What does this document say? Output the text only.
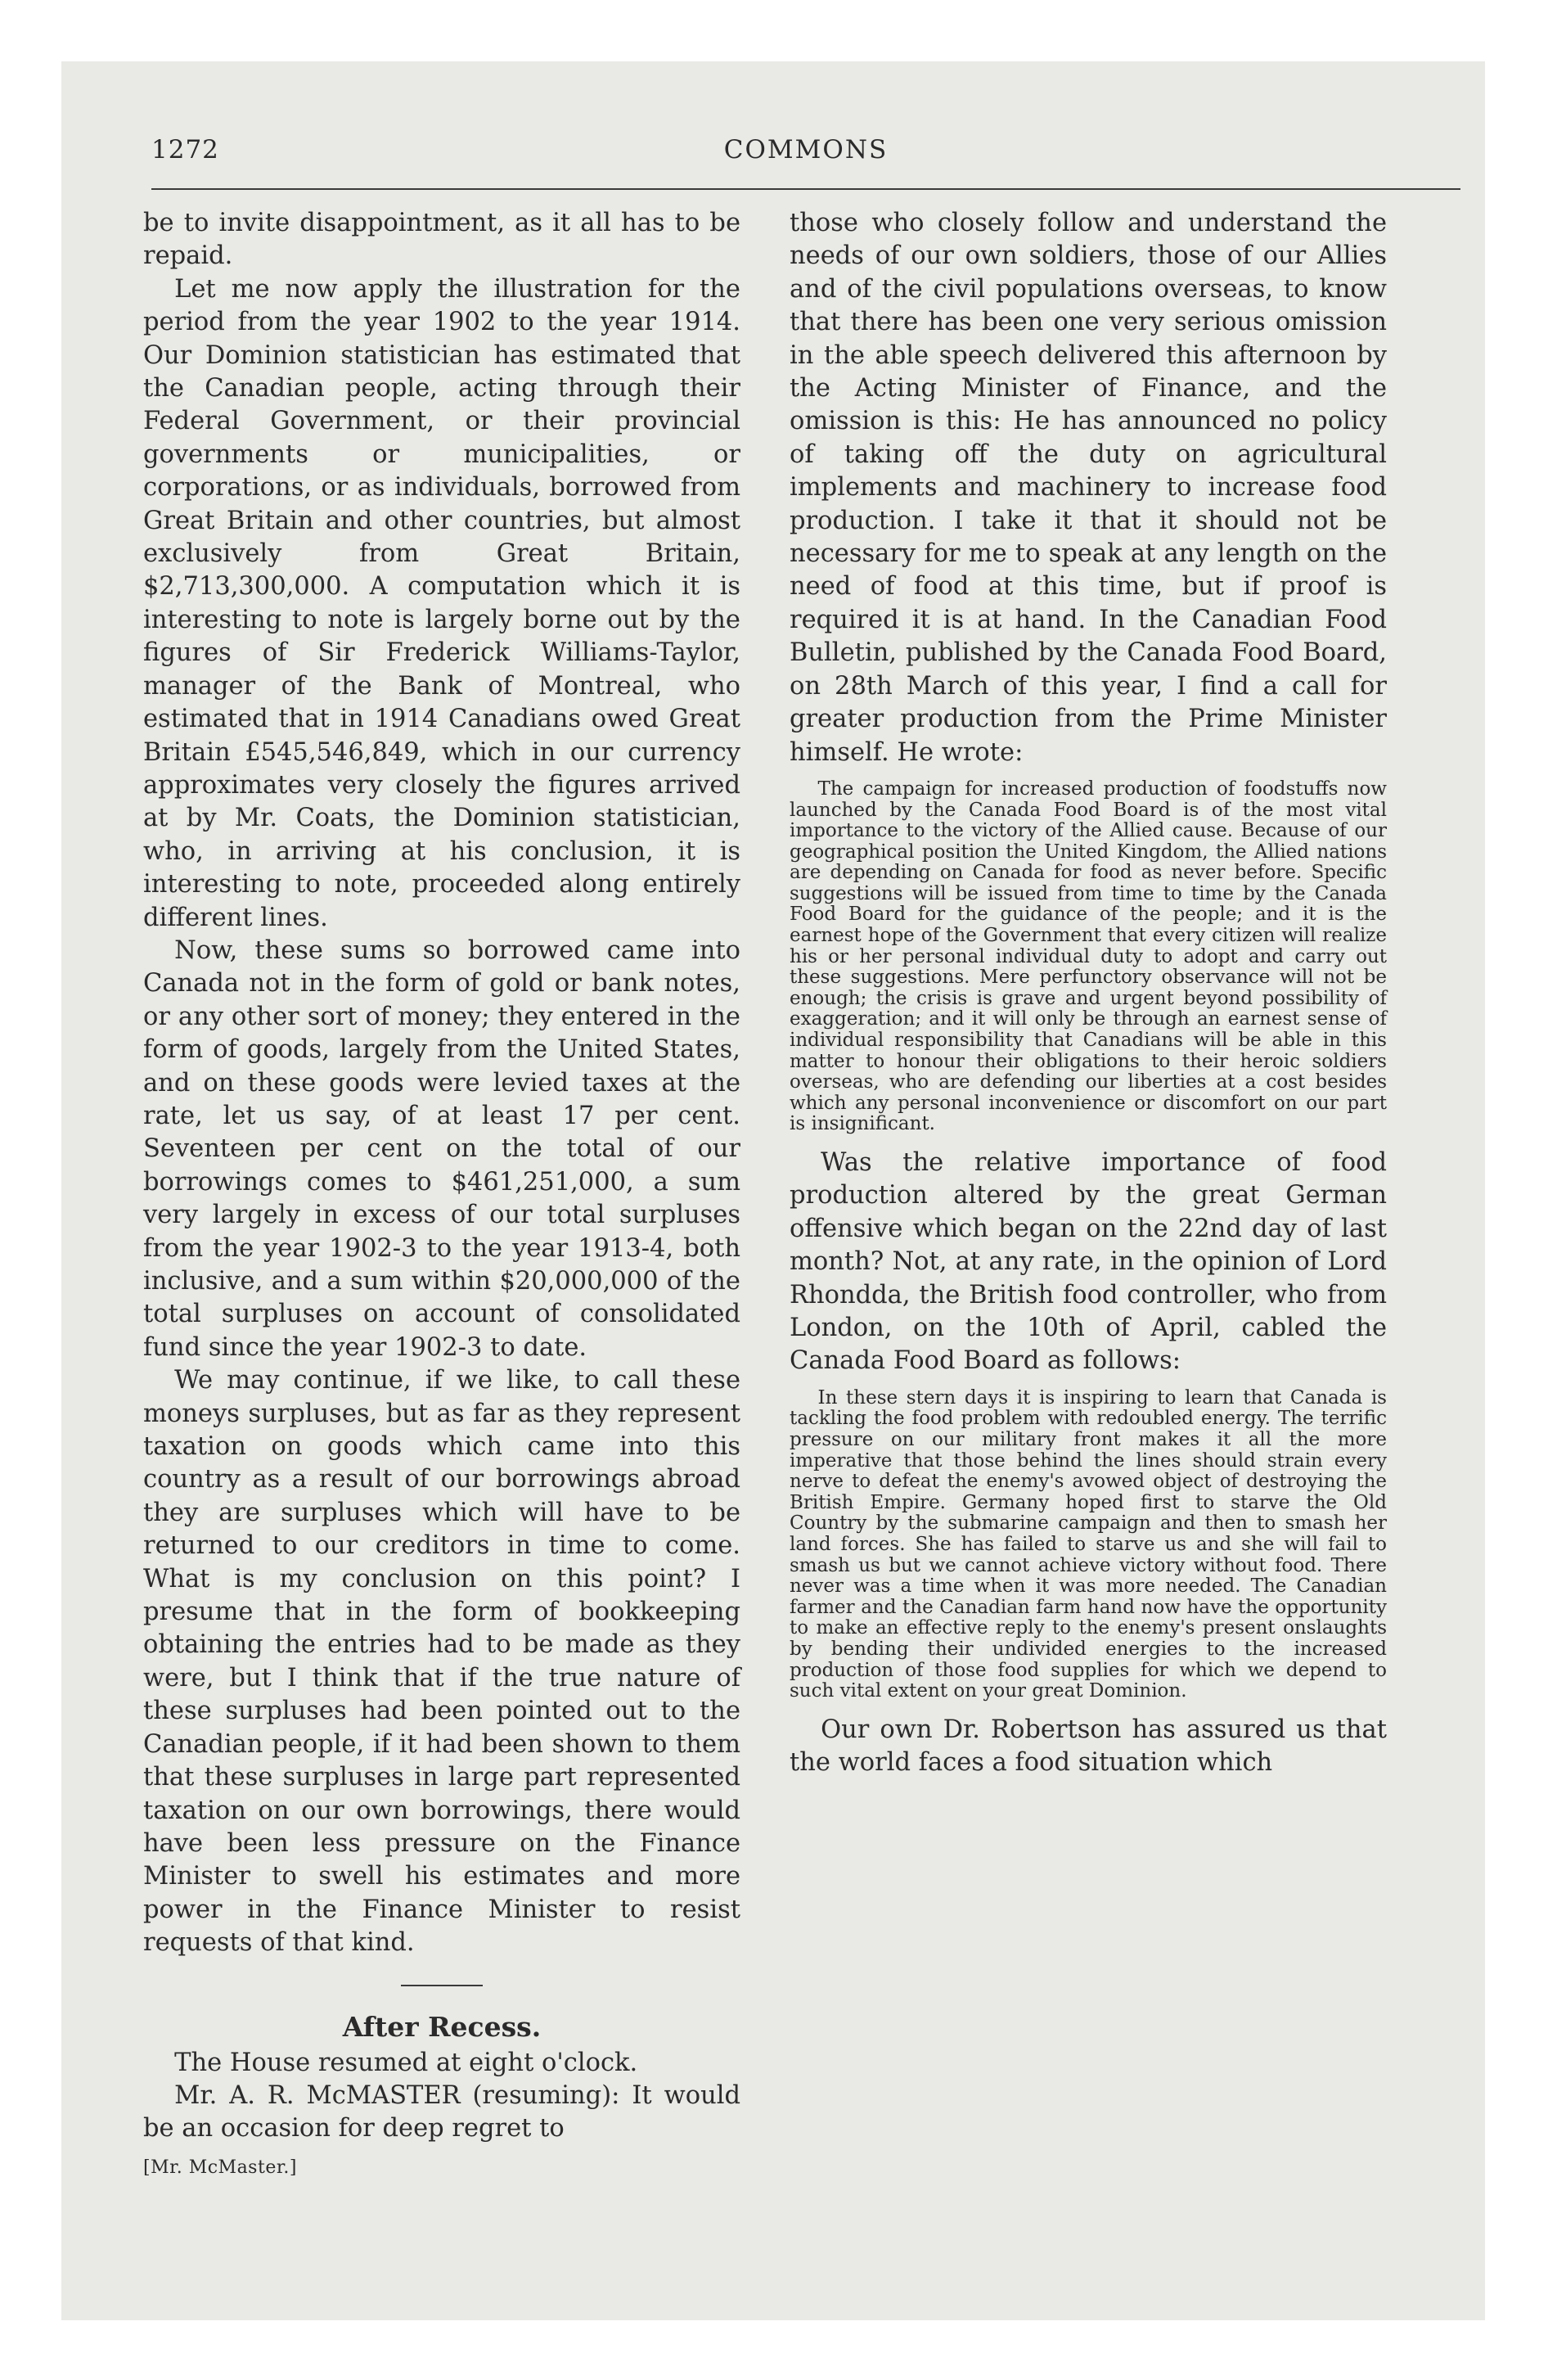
1272	COMMONS

be to invite disappointment, as it all has to be repaid.

Let me now apply the illustration for the period from the year 1902 to the year 1914. Our Dominion statistician has estimated that the Canadian people, acting through their Federal Government, or their provincial governments or municipalities, or corporations, or as individuals, borrowed from Great Britain and other countries, but almost exclusively from Great Britain, $2,713,300,000. A computation which it is interesting to note is largely borne out by the figures of Sir Frederick Williams-Taylor, manager of the Bank of Montreal, who estimated that in 1914 Canadians owed Great Britain £545,546,849, which in our currency approximates very closely the figures arrived at by Mr. Coats, the Dominion statistician, who, in arriving at his conclusion, it is interesting to note, proceeded along entirely different lines.

Now, these sums so borrowed came into Canada not in the form of gold or bank notes, or any other sort of money; they entered in the form of goods, largely from the United States, and on these goods were levied taxes at the rate, let us say, of at least 17 per cent. Seventeen per cent on the total of our borrowings comes to $461,251,000, a sum very largely in excess of our total surpluses from the year 1902-3 to the year 1913-4, both inclusive, and a sum within $20,000,000 of the total surpluses on account of consolidated fund since the year 1902-3 to date.

We may continue, if we like, to call these moneys surpluses, but as far as they represent taxation on goods which came into this country as a result of our borrowings abroad they are surpluses which will have to be returned to our creditors in time to come. What is my conclusion on this point? I presume that in the form of bookkeeping obtaining the entries had to be made as they were, but I think that if the true nature of these surpluses had been pointed out to the Canadian people, if it had been shown to them that these surpluses in large part represented taxation on our own borrowings, there would have been less pressure on the Finance Minister to swell his estimates and more power in the Finance Minister to resist requests of that kind.

After Recess.

The House resumed at eight o'clock.

Mr. A. R. McMASTER (resuming): It would be an occasion for deep regret to

[Mr. McMaster.]

those who closely follow and understand the needs of our own soldiers, those of our Allies and of the civil populations overseas, to know that there has been one very serious omission in the able speech delivered this afternoon by the Acting Minister of Finance, and the omission is this: He has announced no policy of taking off the duty on agricultural implements and machinery to increase food production. I take it that it should not be necessary for me to speak at any length on the need of food at this time, but if proof is required it is at hand. In the Canadian Food Bulletin, published by the Canada Food Board, on 28th March of this year, I find a call for greater production from the Prime Minister himself. He wrote:

The campaign for increased production of foodstuffs now launched by the Canada Food Board is of the most vital importance to the victory of the Allied cause. Because of our geographical position the United Kingdom, the Allied nations are depending on Canada for food as never before. Specific suggestions will be issued from time to time by the Canada Food Board for the guidance of the people; and it is the earnest hope of the Government that every citizen will realize his or her personal individual duty to adopt and carry out these suggestions. Mere perfunctory observance will not be enough; the crisis is grave and urgent beyond possibility of exaggeration; and it will only be through an earnest sense of individual responsibility that Canadians will be able in this matter to honour their obligations to their heroic soldiers overseas, who are defending our liberties at a cost besides which any personal inconvenience or discomfort on our part is insignificant.

Was the relative importance of food production altered by the great German offensive which began on the 22nd day of last month? Not, at any rate, in the opinion of Lord Rhondda, the British food controller, who from London, on the 10th of April, cabled the Canada Food Board as follows:

In these stern days it is inspiring to learn that Canada is tackling the food problem with redoubled energy. The terrific pressure on our military front makes it all the more imperative that those behind the lines should strain every nerve to defeat the enemy's avowed object of destroying the British Empire. Germany hoped first to starve the Old Country by the submarine campaign and then to smash her land forces. She has failed to starve us and she will fail to smash us but we cannot achieve victory without food. There never was a time when it was more needed. The Canadian farmer and the Canadian farm hand now have the opportunity to make an effective reply to the enemy's present onslaughts by bending their undivided energies to the increased production of those food supplies for which we depend to such vital extent on your great Dominion.

Our own Dr. Robertson has assured us that the world faces a food situation which
